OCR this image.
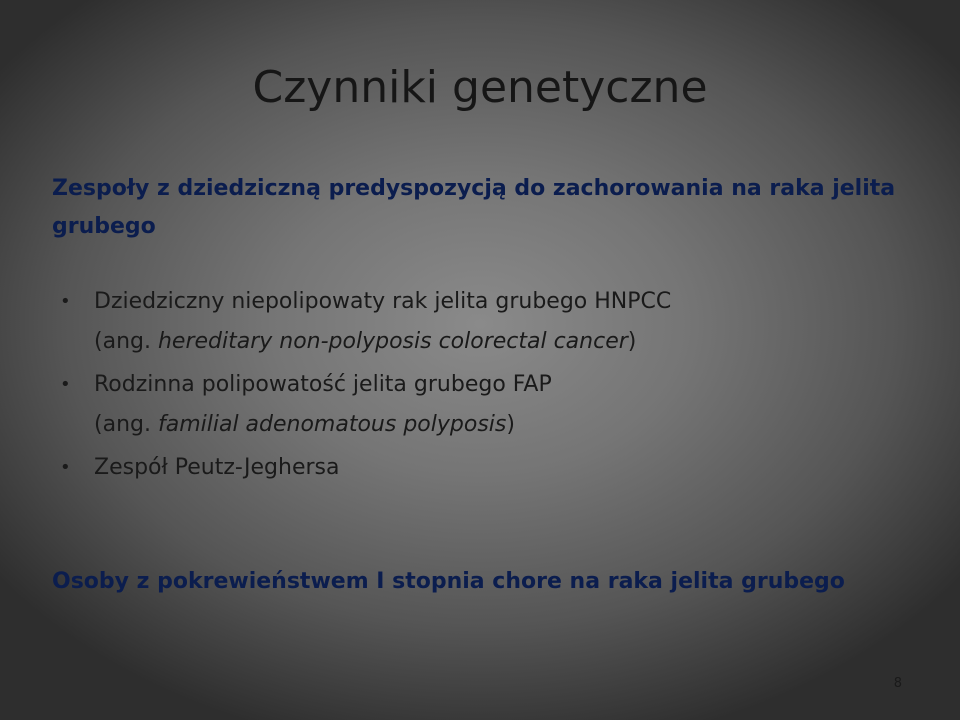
Czynniki genetyczne
Zespoły z dziedziczną predyspozycją do zachorowania na raka jelita grubego
• Dziedziczny niepolipowaty rak jelita grubego HNPCC
(ang. hereditary non-polyposis colorectal cancer)
• Rodzinna polipowatość jelita grubego FAP
(ang. familial adenomatous polyposis)
• Zespół Peutz-Jeghersa
Osoby z pokrewieństwem I stopnia chore na raka jelita grubego
8
